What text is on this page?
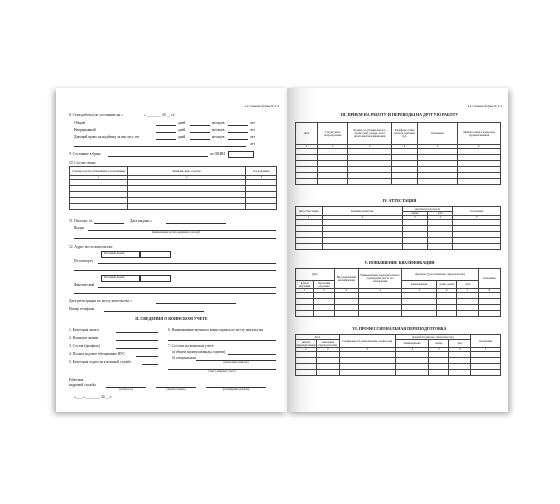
2-я страница формы № Т-2
8. Стаж работы (по состоянию на «	» ________ 20 __ г.):
Общий	дней	месяцев	лет
Непрерывный	дней	месяцев	лет
Дающий право на надбавку за выслугу лет	дней	месяцев	лет
лет
9. Состояние в браке	по ОКИН
10. Состав семьи:
Степень родства (ближайшие родственники)	Фамилия, имя, отчество	Год рождения
1	2	3

11. Паспорт: №	Дата выдачи «
Выдан
(наименование органа, выдавшего паспорт)
12. Адрес места жительства:
Почтовый индекс
По паспорту
Почтовый индекс
Фактический
Дата регистрации по месту жительства «
Номер телефона
II. СВЕДЕНИЯ О ВОИНСКОМ УЧЕТЕ
1. Категория запаса
2. Воинское звание
3. Состав (профиль)
4. Полное кодовое обозначение ВУС
5. Категория годности к военной службе
6. Наименование военного комиссариата по месту жительства
7. Состоит на воинском учете:
а) общем (номер команды, партии)
б) специальном
(необходимое вписать)
(снят с воинского учета)
Работник
кадровой службы
(должность)	(личная подпись)	(расшифровка подписи)
«____» ________ 20 __ г.
3-я страница формы № Т-2
III. ПРИЕМ НА РАБОТУ И ПЕРЕВОДЫ НА ДРУГУЮ РАБОТУ
Дата	Структурное подразделение	Должность (специальность, профессия), разряд, класс (категория) квалификации	Тарифная ставка (оклад), надбавка, руб.	Основание	Личная подпись владельца трудовой книжки
1	2	3	4	5	6

IV. АТТЕСТАЦИЯ
Дата аттестации	Решение комиссии	Документ (протокол)		Основание
		номер	дата	
1	2	3	4	5

V. ПОВЫШЕНИЕ КВАЛИФИКАЦИИ
Дата		Вид повышения квалификации	Наименование образовательного учреждения, место его нахождения	Документ (удостоверение, свидетельство)			Основание
начала обучения	окончания обучения			наименование	серия, номер	дата	
1	2	3	4	5	6	7	8

VI. ПРОФЕССИОНАЛЬНАЯ ПЕРЕПОДГОТОВКА
Дата		Специальность (направление, профессия)	Документ (диплом, свидетельство)			Основание
начала переподготовки	окончания переподготовки		наименование	номер	дата	
1	2	3	4	5	6	7
